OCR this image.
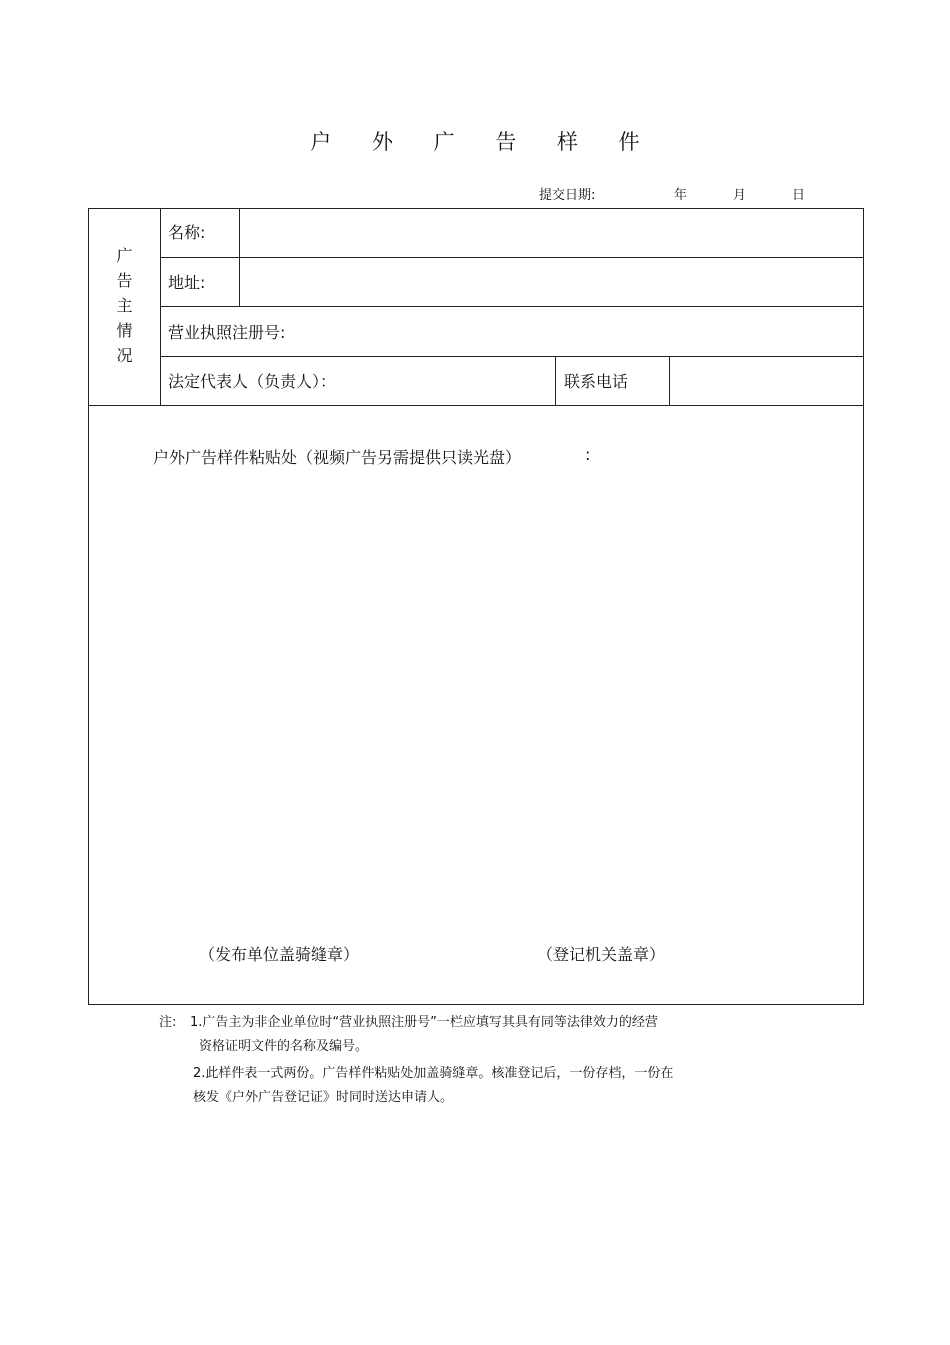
户 外 广 告 样 件
提交日期:	年	月	日
广
告
主
情
况
名称:
地址:
营业执照注册号:
法定代表人（负责人）：	联系电话
户外广告样件粘贴处（视频广告另需提供只读光盘）	:
（发布单位盖骑缝章）	（登记机关盖章）
注: 1.广告主为非企业单位时“营业执照注册号”一栏应填写其具有同等法律效力的经营
资格证明文件的名称及编号。
2.此样件表一式两份。广告样件粘贴处加盖骑缝章。核准登记后，一份存档，一份在
核发《户外广告登记证》时同时送达申请人。
